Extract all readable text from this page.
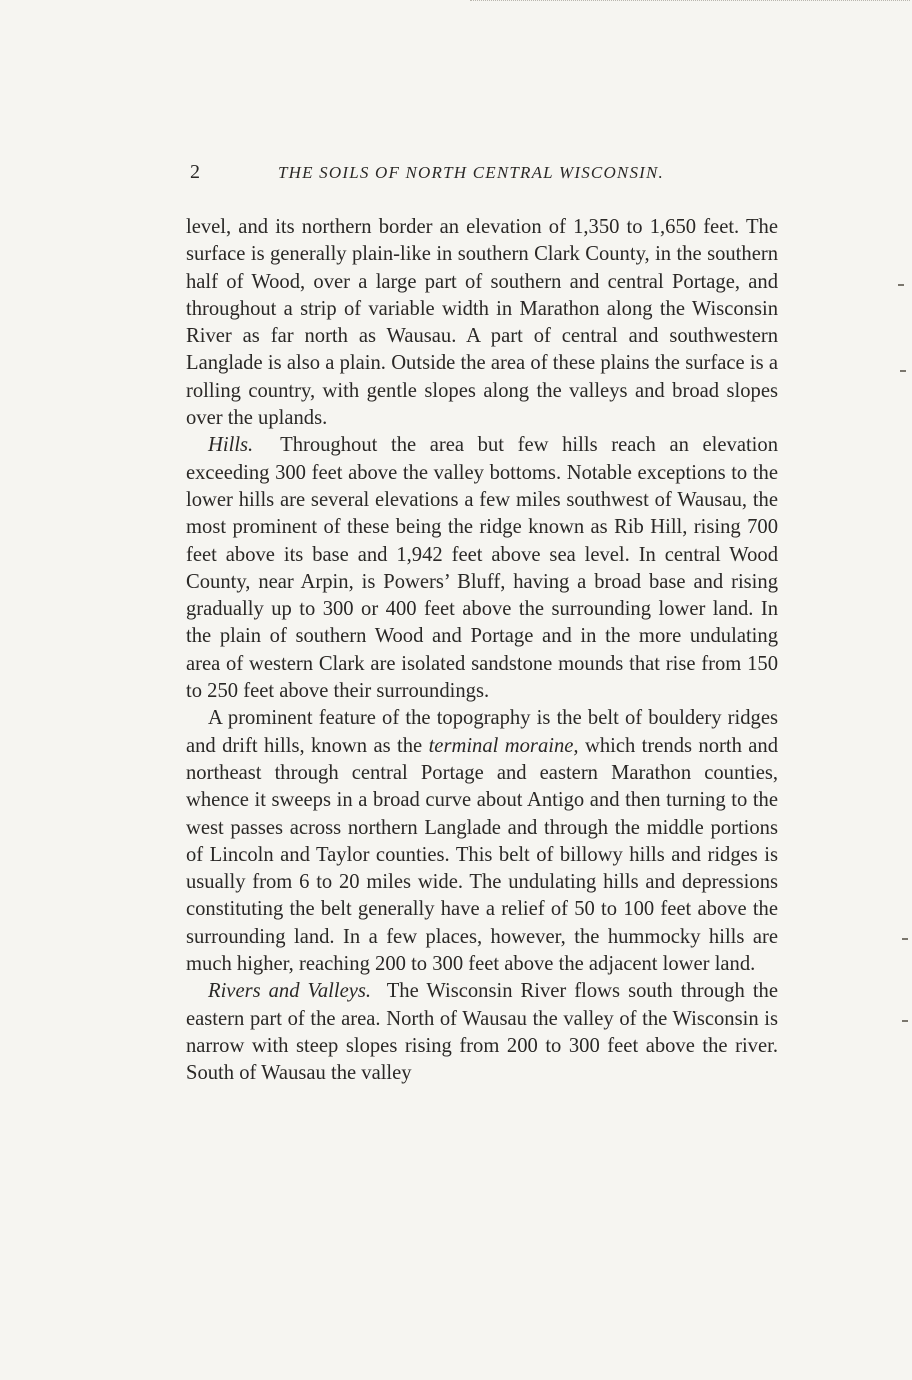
2	THE SOILS OF NORTH CENTRAL WISCONSIN.

level, and its northern border an elevation of 1,350 to 1,650 feet. The surface is generally plain-like in southern Clark County, in the southern half of Wood, over a large part of southern and central Portage, and throughout a strip of variable width in Marathon along the Wisconsin River as far north as Wausau. A part of central and southwestern Langlade is also a plain. Outside the area of these plains the surface is a rolling country, with gentle slopes along the valleys and broad slopes over the uplands.

Hills. Throughout the area but few hills reach an elevation exceeding 300 feet above the valley bottoms. Notable exceptions to the lower hills are several elevations a few miles southwest of Wausau, the most prominent of these being the ridge known as Rib Hill, rising 700 feet above its base and 1,942 feet above sea level. In central Wood County, near Arpin, is Powers’ Bluff, having a broad base and rising gradually up to 300 or 400 feet above the surrounding lower land. In the plain of southern Wood and Portage and in the more undulating area of western Clark are isolated sandstone mounds that rise from 150 to 250 feet above their surroundings.

A prominent feature of the topography is the belt of bouldery ridges and drift hills, known as the terminal moraine, which trends north and northeast through central Portage and eastern Marathon counties, whence it sweeps in a broad curve about Antigo and then turning to the west passes across northern Langlade and through the middle portions of Lincoln and Taylor counties. This belt of billowy hills and ridges is usually from 6 to 20 miles wide. The undulating hills and depressions constituting the belt generally have a relief of 50 to 100 feet above the surrounding land. In a few places, however, the hummocky hills are much higher, reaching 200 to 300 feet above the adjacent lower land.

Rivers and Valleys. The Wisconsin River flows south through the eastern part of the area. North of Wausau the valley of the Wisconsin is narrow with steep slopes rising from 200 to 300 feet above the river. South of Wausau the valley
